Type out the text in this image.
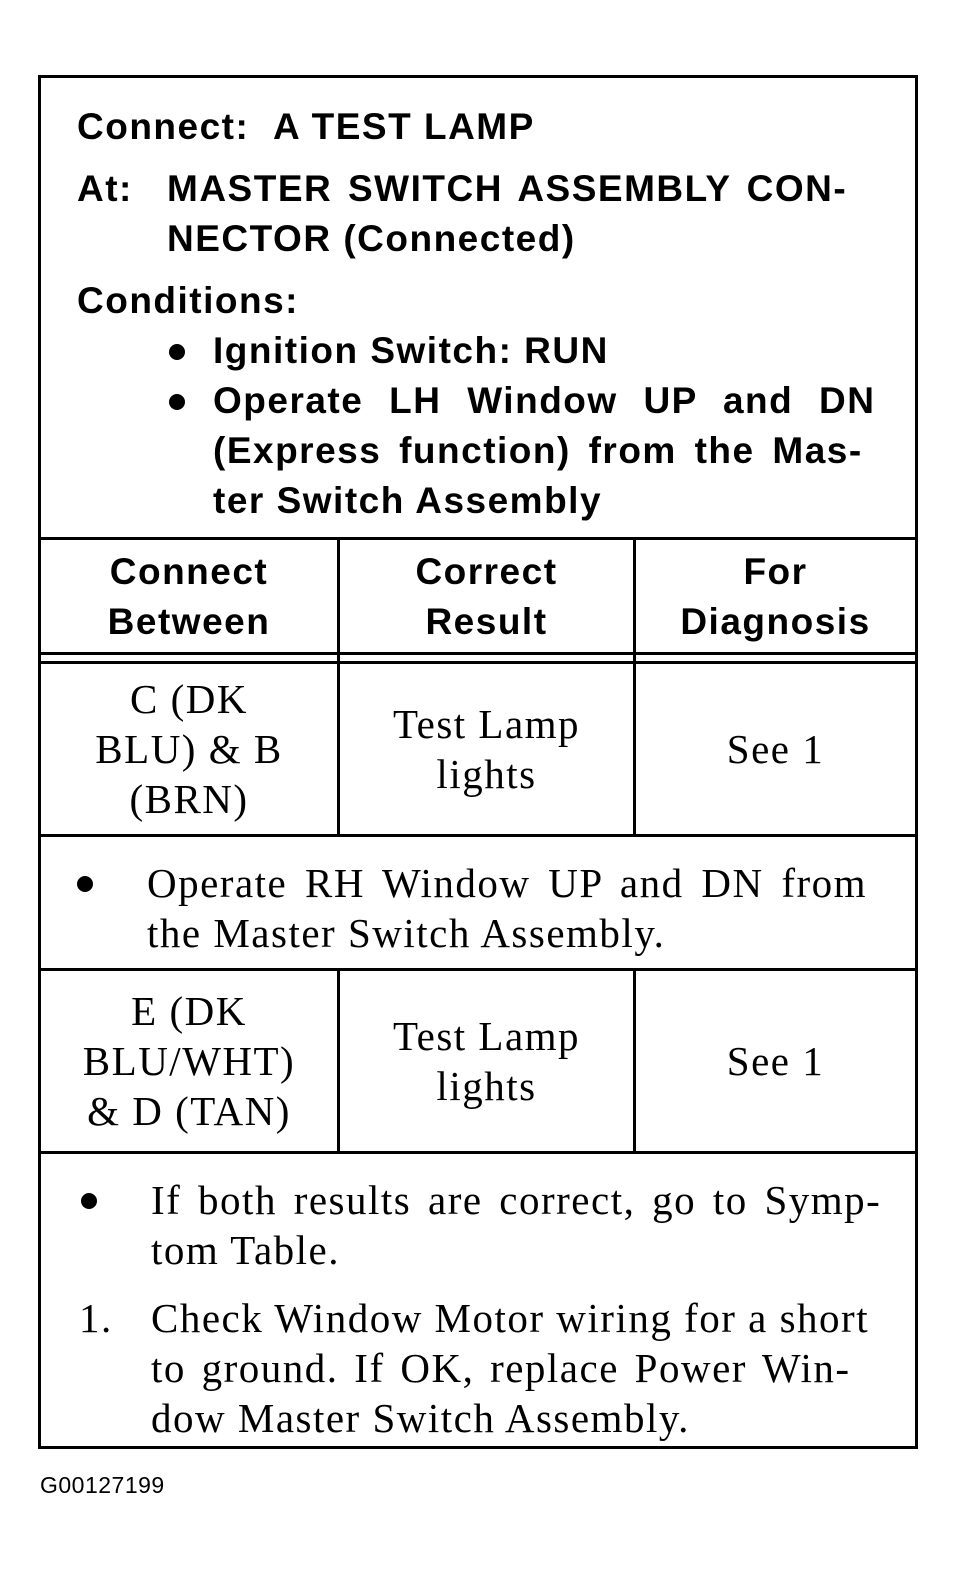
Connect: A TEST LAMP
At: MASTER SWITCH ASSEMBLY CON-
NECTOR (Connected)
Conditions:
Ignition Switch: RUN
Operate LH Window UP and DN
(Express function) from the Mas-
ter Switch Assembly
Connect
Between
Correct
Result
For
Diagnosis
C (DK
BLU) & B
(BRN)
Test Lamp
lights
See 1
Operate RH Window UP and DN from
the Master Switch Assembly.
E (DK
BLU/WHT)
& D (TAN)
Test Lamp
lights
See 1
If both results are correct, go to Symp-
tom Table.
1. Check Window Motor wiring for a short
to ground. If OK, replace Power Win-
dow Master Switch Assembly.
G00127199
